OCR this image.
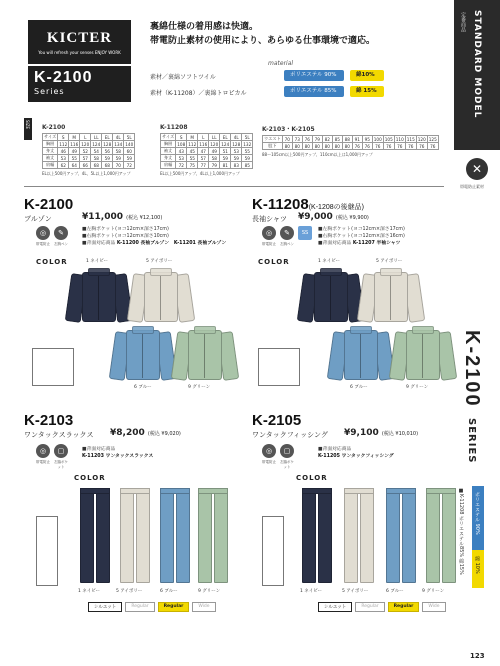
KICTER
You will refresh your senses ENJOY WORK
K-2100
Series
裏綿仕様の着用感は快適。
帯電防止素材の使用により、あらゆる仕事環境で適応。
material
素材／裏綿ソフトツイル
素材（K-11208）／裏綿トロピカル
ポリエステル 90%	綿10%
ポリエステル 85%	綿 15%	STANDARD MODEL
定番商品
✕
帯電防止素材
K-2100
SERIES
■K-11208 ポリエステル85% 綿15% ポリエステル 90%
綿 10%
123
SIZE K-2100
サイズ	S	M	L	LL	EL	4L	5L
胸囲	112	116	120	124	128	134	140
身丈	46	49	52	54	56	58	60
袖丈	53	55	57	58	59	59	59
肩幅	62	64	66	68	68	70	72
EL以上500円アップ、4L、5L以上1,000円アップ
K-11208
サイズ	S	M	L	LL	EL	4L	5L
胸囲	108	112	116	120	124	128	132
袖丈	43	45	47	49	51	53	55
身丈	53	55	57	58	59	59	59
肩幅	72	75	77	79	81	83	85
EL以上500円アップ、4L以上1,000円アップ
K-2103・K-2105
ウエスト	70	73	76	79	82	85	88	91	95	100	105	110	115	120	125
股下	80	80	80	80	80	80	80	76	76	76	76	76	76	76	76
88〜105cm以上500円アップ、110cm以上は1,000円アップ
K-2100
ブルゾン	¥11,000 (税込 ¥12,100)
◎	✎
帯電防止 左胸ペン
■左胸ポケット(ヨコ12cm×深さ17cm)
■右胸ポケット(ヨコ12cm×深さ10cm)
■背面対応商品 K-11200 長袖ブルゾン　K-11201 長袖ブルゾン
COLOR	1 ネイビー	5 アイボリー
6 ブルー	9 グリーン
K-11208(K-1208の後継品)
長袖シャツ ¥9,000 (税込 ¥9,900)
◎	✎	SS
帯電防止 左胸ペン
■左胸ポケット(ヨコ12cm×深さ17cm)
■右胸ポケット(ヨコ12cm×深さ16cm)
■背面対応商品 K-11207 半袖シャツ
COLOR	1 ネイビー	5 アイボリー
6 ブルー	9 グリーン
K-2103
ワンタックスラックス ¥8,200 (税込 ¥9,020)
◎	▢
帯電防止 左脇ポケット
■背面対応商品
K-11203 ワンタックスラックス
COLOR
1 ネイビー	5 アイボリー	6 ブルー	9 グリーン
シルエット	Regular	Regular	Wide
K-2105
ワンタックフィッシング ¥9,100 (税込 ¥10,010)
◎	▢
帯電防止 左脇ポケット
■背面対応商品
K-11205 ワンタックフィッシング
COLOR
1 ネイビー	5 アイボリー	6 ブルー	9 グリーン
シルエット	Regular	Regular	Wide
